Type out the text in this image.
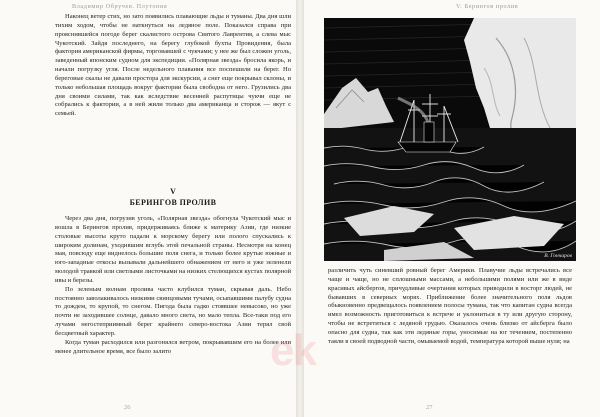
Владимир Обручев. Плутония

Наконец ветер стих, но зато появились плавающие льды и туманы. Два дня шли тихим ходом, чтобы не наткнуться на ледяное поле. Показался справа при прояснившейся погоде берег скалистого острова Святого Лаврентия, а слева мыс Чукотский. Зайдя последнего, на берегу глубокой бухты Провидения, была фактория американской фирмы, торговавшей с чукчами; у нее же был сложен уголь, заведенный японским судном для экспедиции. «Полярная звезда» бросила якорь, и начали погрузку угля. После недельного плавания все поспешили на берег. Но береговые скалы не давали простора для экскурсии, а снег еще покрывал склоны, и только небольшая площадь вокруг фактории была свободна от него. Грузились два дня своими силами, так как вследствие весенней распутицы чукчи еще не собрались к фактории, а в ней жили только два американца и сторож — якут с семьей.

V
БЕРИНГОВ ПРОЛИВ

Через два дня, погрузив уголь, «Полярная звезда» обогнула Чукотский мыс и вошла в Берингов пролив, придерживаясь ближе к материку Азии, где низкие столовые высоты круто падали к морскому берегу или полого спускались к широким долинам, уходившим вглубь этой печальной страны. Несмотря на конец мая, повсюду еще виднелось большие поля снега, и только более крутые южные и юго-западные откосы вызывали дальнейшего обнажением от него и уже зеленели молодой травкой или светлыми листочками на низких стелющихся кустах полярной ивы и березы.

По зеленым волнам пролива часто клубился туман, скрывая даль. Небо постоянно заволакивалось низкими свинцовыми тучами, осыпавшими палубу судна то дождем, то крупой, то снегом. Пигода была гадко стоявшее невысоко, но уже почти не заходившее солнце, давало много света, но мало тепла. Все-таки под его лучами негостеприимный берег крайнего северо-востока Азии терял свой бесцветный характер.

Когда туман расходился или разгонялся ветром, покрывавшим его на более или менее длительное время, все было залито

26
V. Берингов пролив
В. Гончаров

различить чуть синевший ровный берег Америки. Плавучие льды встречались все чаще и чаще, но не сплошными массами, а небольшими полями или же в виде красивых айсбергов, причудливые очертания которых приводили в восторг людей, не бывавших в северных морях. Приближение более значительного поля льдов обыкновенно предвещалось появлением полосы тумана, так что капитан судна всегда имел возможность приготовиться к встрече и уклониться в ту или другую сторону, чтобы не встретиться с ледяной грудью. Оказалось очень близко от айсберга было опасно для судна, так как эти ледяные горы, уносимые на юг течением, постепенно таяли в своей подводной части, омываемой водой, температура которой выше нуля; на

27
